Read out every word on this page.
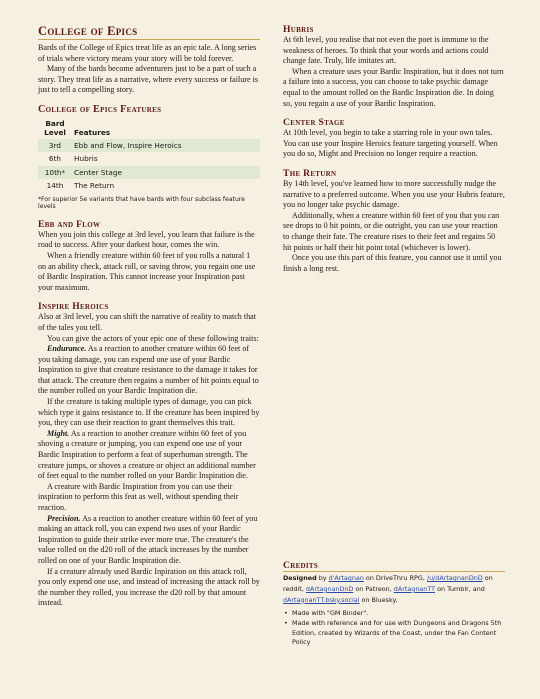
College of Epics

Bards of the College of Epics treat life as an epic tale. A long series of trials where victory means your story will be told forever.

Many of the bards become adventurers just to be a part of such a story. They treat life as a narrative, where every success or failure is just to tell a compelling story.

College of Epics Features
Bard
Level	Features
3rd	Ebb and Flow, Inspire Heroics
6th	Hubris
10th*	Center Stage
14th	The Return

*For superior 5e variants that have bards with four subclass feature levels

Ebb and Flow

When you join this college at 3rd level, you learn that failure is the road to success. After your darkest hour, comes the win.

When a friendly creature within 60 feet of you rolls a natural 1 on an ability check, attack roll, or saving throw, you regain one use of Bardic Inspiration. This cannot increase your Inspiration past your maximum.

Inspire Heroics

Also at 3rd level, you can shift the narrative of reality to match that of the tales you tell.

You can give the actors of your epic one of these following traits:

Endurance. As a reaction to another creature within 60 feet of you taking damage, you can expend one use of your Bardic Inspiration to give that creature resistance to the damage it takes for that attack. The creature then regains a number of hit points equal to the number rolled on your Bardic Inspiration die.

If the creature is taking multiple types of damage, you can pick which type it gains resistance to. If the creature has been inspired by you, they can use their reaction to grant themselves this trait.

Might. As a reaction to another creature within 60 feet of you shoving a creature or jumping, you can expend one use of your Bardic Inspiration to perform a feat of superhuman strength. The creature jumps, or shoves a creature or object an additional number of feet equal to the number rolled on your Bardic Inspiration die.

A creature with Bardic Inspiration from you can use their inspiration to perform this feat as well, without spending their reaction.

Precision. As a reaction to another creature within 60 feet of you making an attack roll, you can expend two uses of your Bardic Inspiration to guide their strike ever more true. The creature's the value rolled on the d20 roll of the attack increases by the number rolled on one of your Bardic Inspiration die.

If a creature already used Bardic Inpiration on this attack roll, you only expend one use, and instead of increasing the attack roll by the number they rolled, you increase the d20 roll by that amount instead.

Hubris

At 6th level, you realise that not even the poet is immune to the weakness of heroes. To think that your words and actions could change fate. Truly, life imitates art.

When a creature uses your Bardic Inspiration, but it does not turn a failure into a success, you can choose to take psychic damage equal to the amount rolled on the Bardic Inspiration die. In doing so, you regain a use of your Bardic Inspiration.

Center Stage

At 10th level, you begin to take a starring role in your own tales. You can use your Inspire Heroics feature targeting yourself. When you do so, Might and Precision no longer require a reaction.

The Return

By 14th level, you've learned how to more successfully nudge the narrative to a preferred outcome. When you use your Hubris feature, you no longer take psychic damage.

Additionally, when a creature within 60 feet of you that you can see drops to 0 hit points, or die outright, you can use your reaction to change their fate. The creature rises to their feet and regains 50 hit points or half their hit point total (whichever is lower).

Once you use this part of this feature, you cannot use it until you finish a long rest.

Credits

Designed by d'Artagnan on DriveThru RPG, /u/dArtagnanDnD on reddit, dArtagnanDnD on Patreon, dArtagnanTT on Tumblr, and dArtagnanTT.bsky.social on Bluesky.

• Made with "GM Binder".
• Made with reference and for use with Dungeons and Dragons 5th Edition, created by Wizards of the Coast, under the Fan Content Policy
